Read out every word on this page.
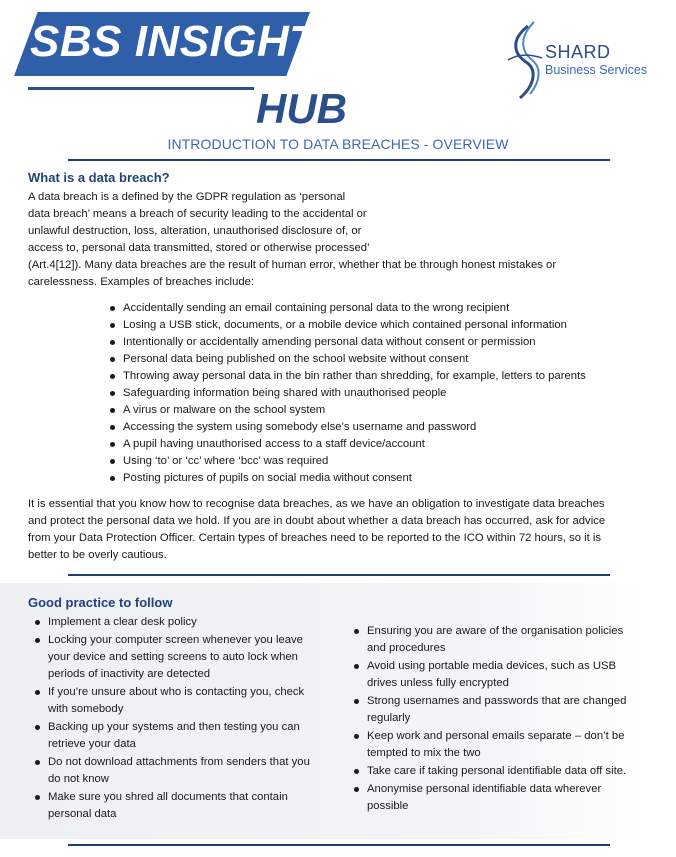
SBS INSIGHT
HUB
SHARD
Business Services
INTRODUCTION TO DATA BREACHES - OVERVIEW
What is a data breach?

A data breach is a defined by the GDPR regulation as ‘personal
data breach’ means a breach of security leading to the accidental or
unlawful destruction, loss, alteration, unauthorised disclosure of, or
access to, personal data transmitted, stored or otherwise processed’
(Art.4[12]). Many data breaches are the result of human error, whether that be through honest mistakes or
carelessness. Examples of breaches include:

Accidentally sending an email containing personal data to the wrong recipient
Losing a USB stick, documents, or a mobile device which contained personal information
Intentionally or accidentally amending personal data without consent or permission
Personal data being published on the school website without consent
Throwing away personal data in the bin rather than shredding, for example, letters to parents
Safeguarding information being shared with unauthorised people
A virus or malware on the school system
Accessing the system using somebody else’s username and password
A pupil having unauthorised access to a staff device/account
Using ‘to’ or ‘cc’ where ‘bcc’ was required
Posting pictures of pupils on social media without consent

It is essential that you know how to recognise data breaches, as we have an obligation to investigate data breaches
and protect the personal data we hold. If you are in doubt about whether a data breach has occurred, ask for advice
from your Data Protection Officer. Certain types of breaches need to be reported to the ICO within 72 hours, so it is
better to be overly cautious.

Good practice to follow
Implement a clear desk policy
Locking your computer screen whenever you leave
your device and setting screens to auto lock when
periods of inactivity are detected
If you’re unsure about who is contacting you, check
with somebody
Backing up your systems and then testing you can
retrieve your data
Do not download attachments from senders that you
do not know
Make sure you shred all documents that contain
personal data
Ensuring you are aware of the organisation policies
and procedures
Avoid using portable media devices, such as USB
drives unless fully encrypted
Strong usernames and passwords that are changed
regularly
Keep work and personal emails separate – don’t be
tempted to mix the two
Take care if taking personal identifiable data off site.
Anonymise personal identifiable data wherever
possible
